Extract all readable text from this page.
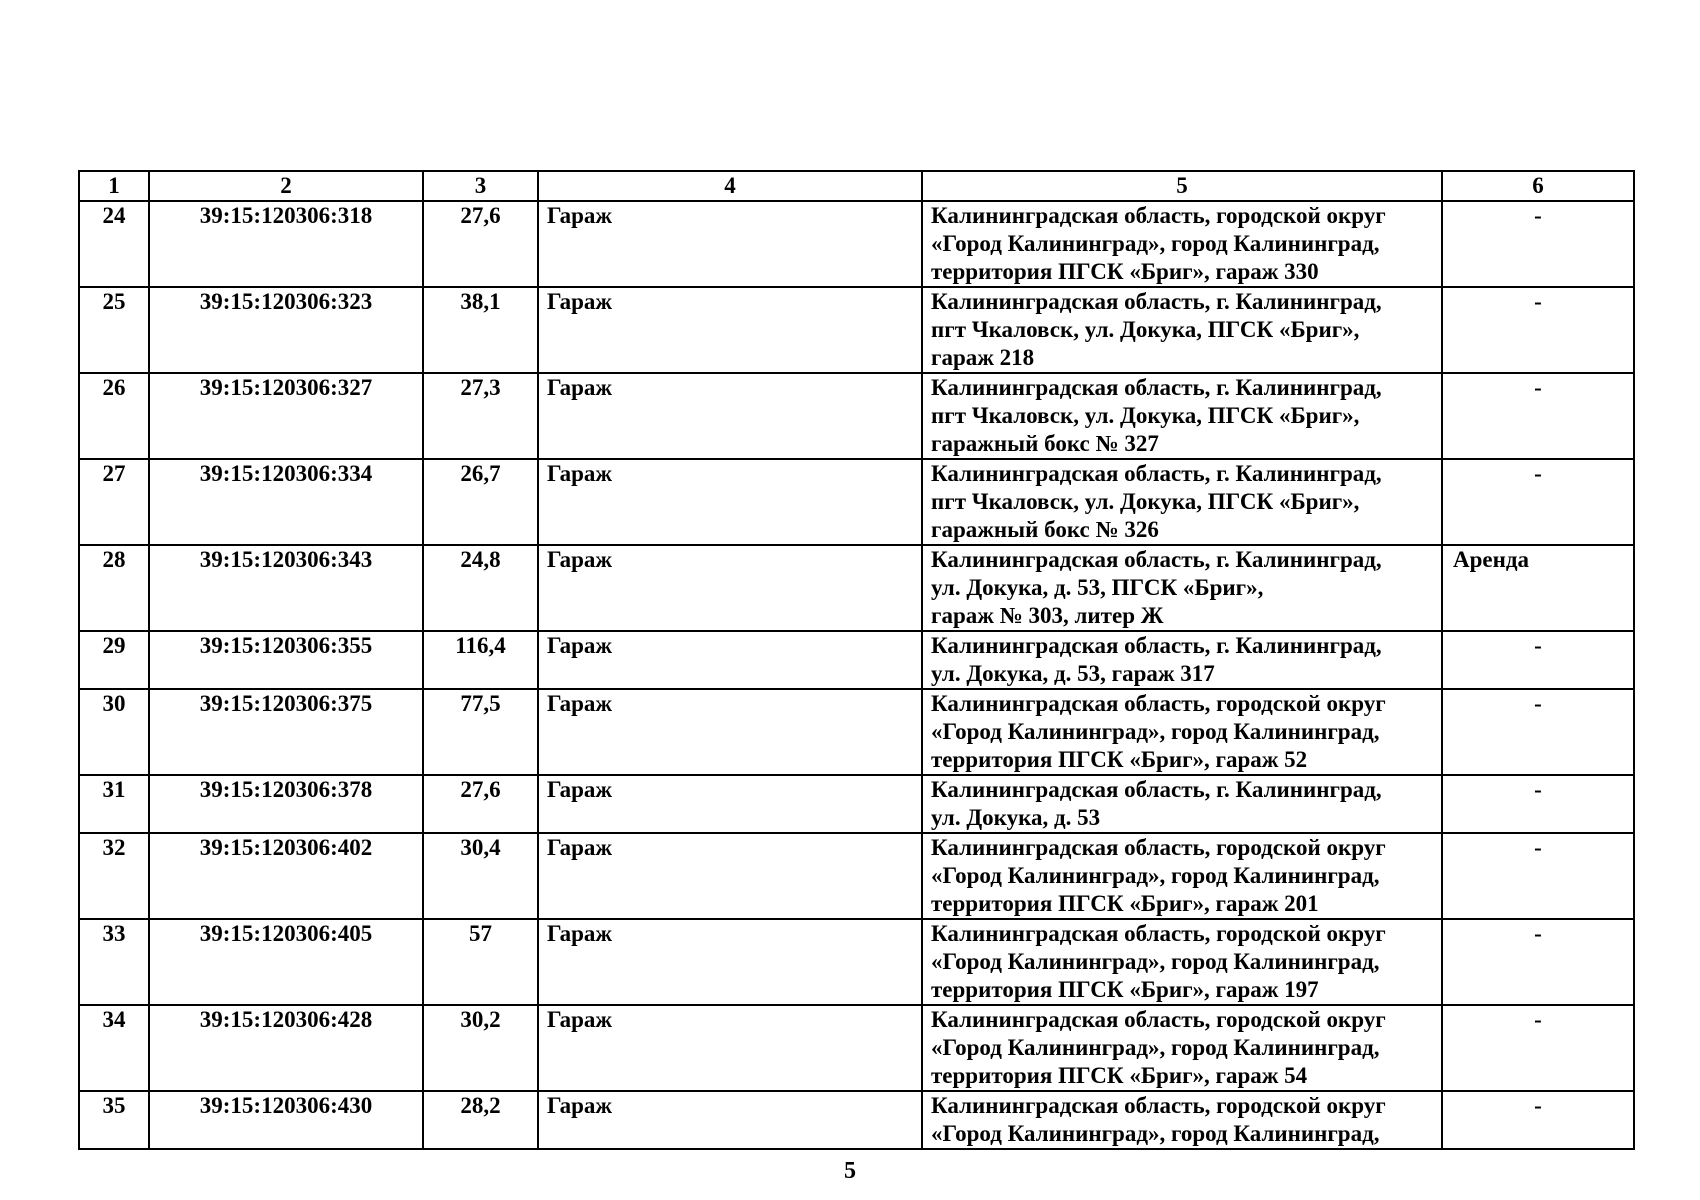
1	2	3	4	5	6
24	39:15:120306:318	27,6	Гараж	Калининградская область, городской округ
«Город Калининград», город Калининград,
территория ПГСК «Бриг», гараж 330	-
25	39:15:120306:323	38,1	Гараж	Калининградская область, г. Калининград,
пгт Чкаловск, ул. Докука, ПГСК «Бриг»,
гараж 218	-
26	39:15:120306:327	27,3	Гараж	Калининградская область, г. Калининград,
пгт Чкаловск, ул. Докука, ПГСК «Бриг»,
гаражный бокс № 327	-
27	39:15:120306:334	26,7	Гараж	Калининградская область, г. Калининград,
пгт Чкаловск, ул. Докука, ПГСК «Бриг»,
гаражный бокс № 326	-
28	39:15:120306:343	24,8	Гараж	Калининградская область, г. Калининград,
ул. Докука, д. 53, ПГСК «Бриг»,
гараж № 303, литер Ж	Аренда
29	39:15:120306:355	116,4	Гараж	Калининградская область, г. Калининград,
ул. Докука, д. 53, гараж 317	-
30	39:15:120306:375	77,5	Гараж	Калининградская область, городской округ
«Город Калининград», город Калининград,
территория ПГСК «Бриг», гараж 52	-
31	39:15:120306:378	27,6	Гараж	Калининградская область, г. Калининград,
ул. Докука, д. 53	-
32	39:15:120306:402	30,4	Гараж	Калининградская область, городской округ
«Город Калининград», город Калининград,
территория ПГСК «Бриг», гараж 201	-
33	39:15:120306:405	57	Гараж	Калининградская область, городской округ
«Город Калининград», город Калининград,
территория ПГСК «Бриг», гараж 197	-
34	39:15:120306:428	30,2	Гараж	Калининградская область, городской округ
«Город Калининград», город Калининград,
территория ПГСК «Бриг», гараж 54	-
35	39:15:120306:430	28,2	Гараж	Калининградская область, городской округ
«Город Калининград», город Калининград,	-
5
